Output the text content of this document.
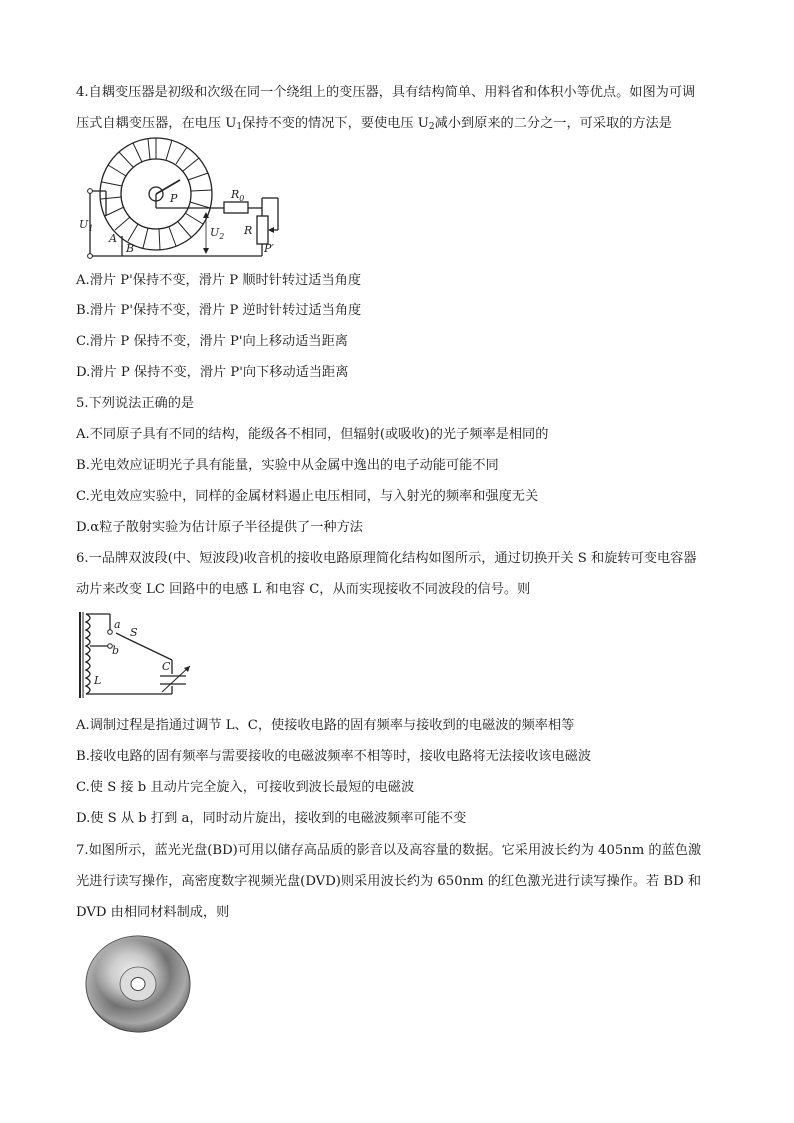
4.自耦变压器是初级和次级在同一个绕组上的变压器，具有结构简单、用料省和体积小等优点。如图为可调
压式自耦变压器，在电压 $U_1$保持不变的情况下，要使电压 $U_2$减小到原来的二分之一，可采取的方法是
$U_1$
A
B
P	$R_0$
R
$U_2$
P′
A.滑片 P'保持不变，滑片 P 顺时针转过适当角度
B.滑片 P'保持不变，滑片 P 逆时针转过适当角度
C.滑片 P 保持不变，滑片 P'向上移动适当距离
D.滑片 P 保持不变，滑片 P'向下移动适当距离
5.下列说法正确的是
A.不同原子具有不同的结构，能级各不相同，但辐射(或吸收)的光子频率是相同的
B.光电效应证明光子具有能量，实验中从金属中逸出的电子动能可能不同
C.光电效应实验中，同样的金属材料遏止电压相同，与入射光的频率和强度无关
D.α粒子散射实验为估计原子半径提供了一种方法
6.一品牌双波段(中、短波段)收音机的接收电路原理简化结构如图所示，通过切换开关 S 和旋转可变电容器
动片来改变 LC 回路中的电感 L 和电容 C，从而实现接收不同波段的信号。则
a
S
b
C
L
A.调制过程是指通过调节 L、C，使接收电路的固有频率与接收到的电磁波的频率相等
B.接收电路的固有频率与需要接收的电磁波频率不相等时，接收电路将无法接收该电磁波
C.使 S 接 b 且动片完全旋入，可接收到波长最短的电磁波
D.使 S 从 b 打到 a，同时动片旋出，接收到的电磁波频率可能不变
7.如图所示，蓝光光盘(BD)可用以储存高品质的影音以及高容量的数据。它采用波长约为 405nm 的蓝色激
光进行读写操作，高密度数字视频光盘(DVD)则采用波长约为 650nm 的红色激光进行读写操作。若 BD 和
DVD 由相同材料制成，则
